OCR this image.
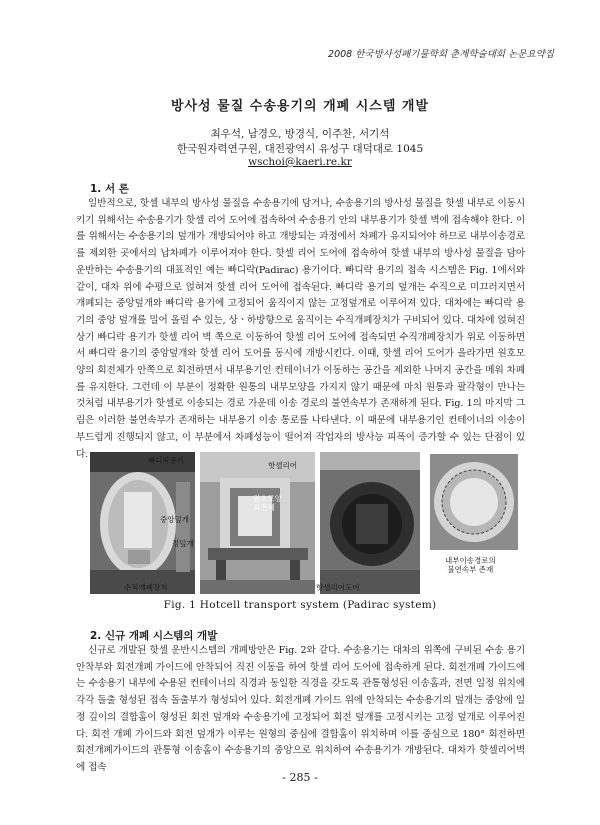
2008 한국방사성폐기물학회 춘계학술대회 논문요약집
방사성 물질 수송용기의 개폐 시스템 개발
최우석, 남경오, 방경식, 이주찬, 서기석
한국원자력연구원, 대전광역시 유성구 대덕대로 1045
wschoi@kaeri.re.kr
1. 서 론
일반적으로, 핫셀 내부의 방사성 물질을 수송용기에 담거나, 수송용기의 방사성 물질을 핫셀 내부로 이동시키기 위해서는 수송용기가 핫셀 리어 도어에 접속하여 수송용기 안의 내부용기가 핫셀 벽에 접속해야 한다. 이를 위해서는 수송용기의 덮개가 개방되어야 하고 개방되는 과정에서 차폐가 유지되어야 하므로 내부이송경로를 제외한 곳에서의 납차폐가 이루어져야 한다. 핫셀 리어 도어에 접속하여 핫셀 내부의 방사성 물질을 담아 운반하는 수송용기의 대표적인 예는 빠디락(Padirac) 용기이다. 빠디락 용기의 접속 시스템은 Fig. 1에서와 같이, 대차 위에 수평으로 얹혀져 핫셀 리어 도어에 접속된다. 빠디락 용기의 덮개는 수직으로 미끄러지면서 개폐되는 중앙덮개와 빠디락 용기에 고정되어 움직이지 않는 고정덮개로 이루어져 있다. 대차에는 빠디락 용기의 중앙 덮개를 밀어 올릴 수 있는, 상ㆍ하방향으로 움직이는 수직개폐장치가 구비되어 있다. 대차에 얹혀진 상기 빠디락 용기가 핫셀 리어 벽 쪽으로 이동하여 핫셀 리어 도어에 접속되면 수직개폐장치가 위로 이동하면서 빠디락 용기의 중앙덮개와 핫셀 리어 도어를 동시에 개방시킨다. 이때, 핫셀 리어 도어가 올라가면 원호모양의 회전체가 안쪽으로 회전하면서 내부용기인 컨테이너가 이동하는 공간을 제외한 나머지 공간을 메워 차폐를 유지한다. 그런데 이 부분이 정확한 원통의 내부모양을 가지지 않기 때문에 마치 원통과 팔각형이 만나는 것처럼 내부용기가 핫셀로 이송되는 경로 가운데 이송 경로의 불연속부가 존재하게 된다. Fig. 1의 마지막 그림은 이러한 불연속부가 존재하는 내부용기 이송 통로를 나타낸다. 이 때문에 내부용기인 컨테이너의 이송이 부드럽게 진행되지 않고, 이 부분에서 차폐성능이 떨어져 작업자의 방사능 피폭이 증가할 수 있는 단점이 있다.
빠디락용기
핫셀리어
중앙덮개
정덮개
원호모양
회전체
수직개폐장치	핫셀리어도어
내부이송경로의
불연속부 존재
Fig. 1 Hotcell transport system (Padirac system)
2. 신규 개폐 시스템의 개발
신규로 개발된 핫셀 운반시스템의 개폐방안은 Fig. 2와 같다. 수송용기는 대차의 위쪽에 구비된 수송 용기 안착부와 회전개폐 가이드에 안착되어 직진 이동을 하여 핫셀 리어 도어에 접속하게 된다. 회전개폐 가이드에는 수송용기 내부에 수용된 컨테이너의 직경과 동일한 직경을 갖도록 관통형성된 이송홈과, 전면 일정 위치에 각각 돌출 형성된 접속 돌출부가 형성되어 있다. 회전개폐 가이드 위에 안착되는 수송용기의 덮개는 중앙에 일정 깊이의 결합홈이 형성된 회전 덮개와 수송용기에 고정되어 회전 덮개를 고정시키는 고정 덮개로 이루어진다. 회전 개폐 가이드와 회전 덮개가 이루는 원형의 중심에 결합홈이 위치하며 이를 중심으로 180° 회전하면 회전개폐가이드의 관통형 이송홈이 수송용기의 중앙으로 위치하여 수송용기가 개방된다. 대차가 핫셀리어벽에 접속
- 285 -
